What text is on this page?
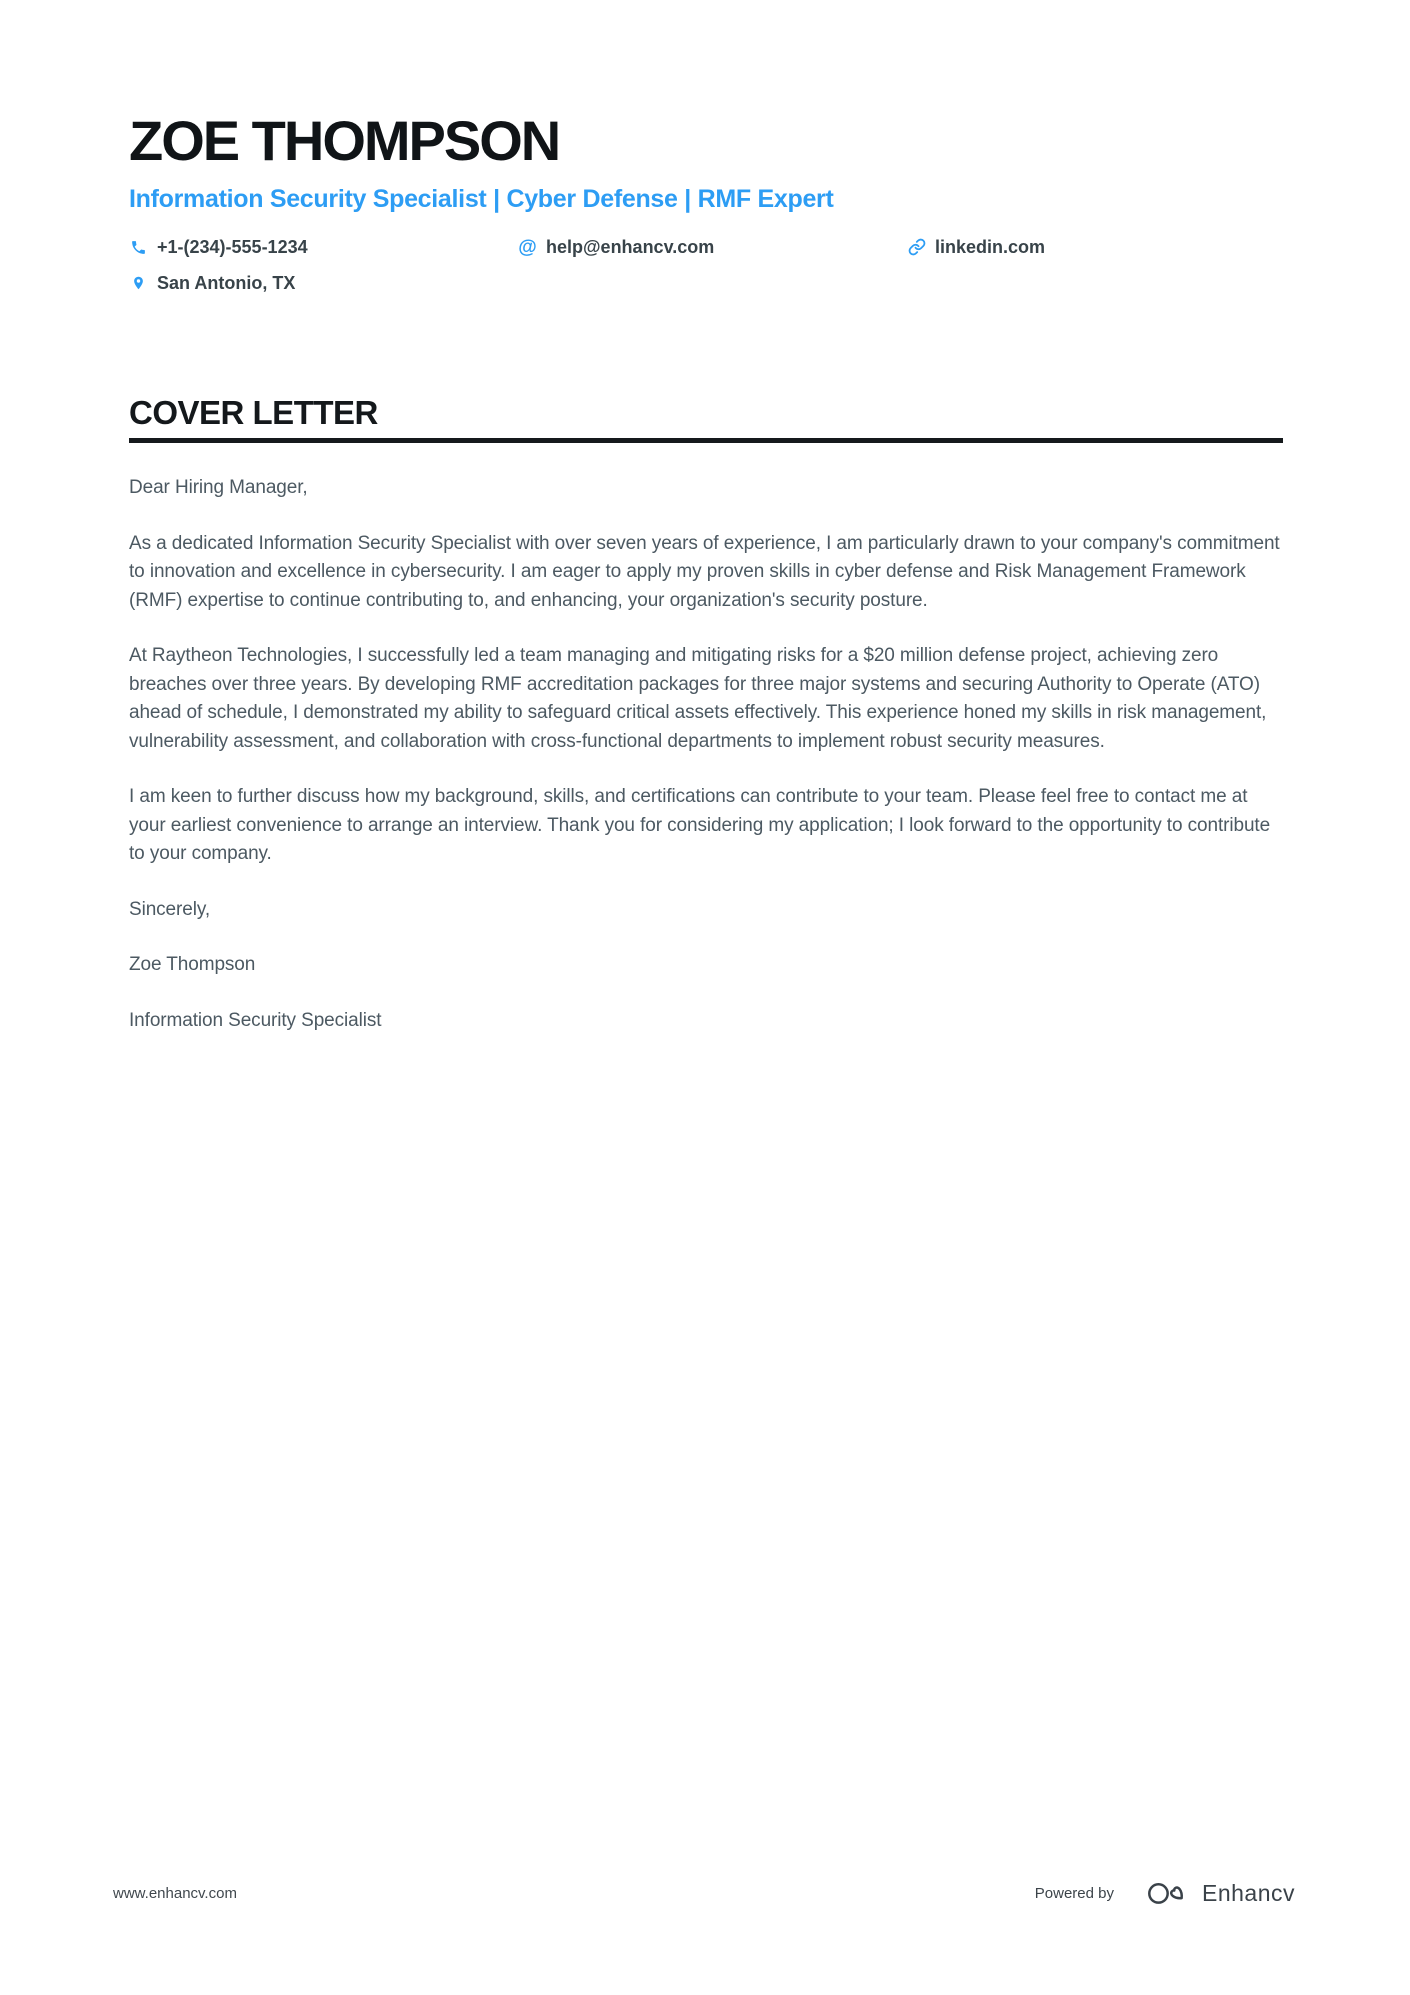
ZOE THOMPSON
Information Security Specialist | Cyber Defense | RMF Expert
+1-(234)-555-1234	@ help@enhancv.com	linkedin.com
San Antonio, TX
COVER LETTER

Dear Hiring Manager,

As a dedicated Information Security Specialist with over seven years of experience, I am particularly drawn to your company's commitment to innovation and excellence in cybersecurity. I am eager to apply my proven skills in cyber defense and Risk Management Framework (RMF) expertise to continue contributing to, and enhancing, your organization's security posture.

At Raytheon Technologies, I successfully led a team managing and mitigating risks for a $20 million defense project, achieving zero breaches over three years. By developing RMF accreditation packages for three major systems and securing Authority to Operate (ATO) ahead of schedule, I demonstrated my ability to safeguard critical assets effectively. This experience honed my skills in risk management, vulnerability assessment, and collaboration with cross-functional departments to implement robust security measures.

I am keen to further discuss how my background, skills, and certifications can contribute to your team. Please feel free to contact me at your earliest convenience to arrange an interview. Thank you for considering my application; I look forward to the opportunity to contribute to your company.

Sincerely,

Zoe Thompson

Information Security Specialist

www.enhancv.com	Powered by	Enhancv
